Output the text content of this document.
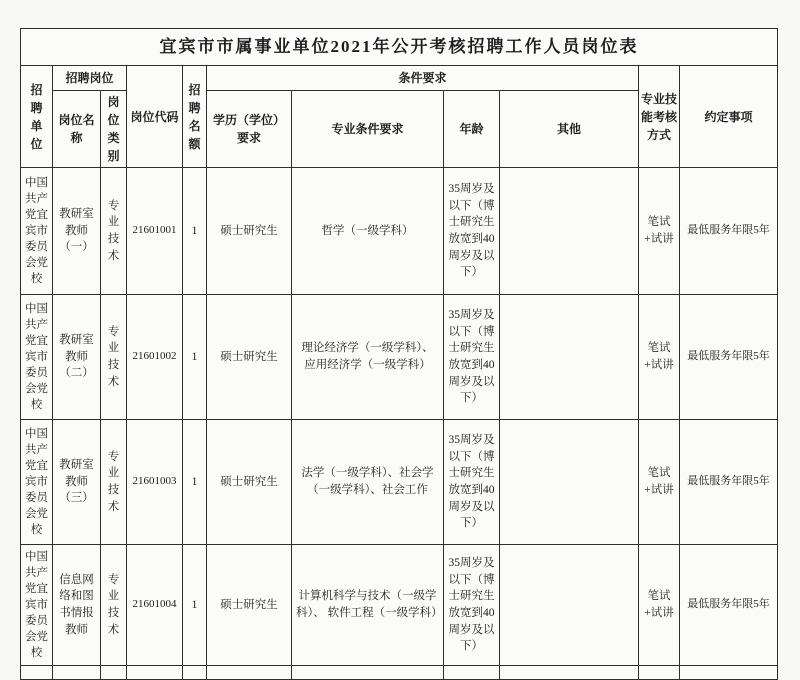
宜宾市市属事业单位2021年公开考核招聘工作人员岗位表										
招聘单位	招聘岗位		岗位代码	招聘名额	条件要求				专业技能考核方式	约定事项
	岗位名称	岗位类别			学历（学位）要求	专业条件要求	年龄	其他		
中国共产党宜宾市委员会党校	教研室教师（一）	专业技术	21601001	1	硕士研究生	哲学（一级学科）	35周岁及以下（博士研究生放宽到40周岁及以下）		笔试+试讲	最低服务年限5年
中国共产党宜宾市委员会党校	教研室教师（二）	专业技术	21601002	1	硕士研究生	理论经济学（一级学科）、应用经济学（一级学科）	35周岁及以下（博士研究生放宽到40周岁及以下）		笔试+试讲	最低服务年限5年
中国共产党宜宾市委员会党校	教研室教师（三）	专业技术	21601003	1	硕士研究生	法学（一级学科）、社会学（一级学科）、社会工作	35周岁及以下（博士研究生放宽到40周岁及以下）		笔试+试讲	最低服务年限5年
中国共产党宜宾市委员会党校	信息网络和图书情报教师	专业技术	21601004	1	硕士研究生	计算机科学与技术（一级学科）、 软件工程（一级学科）	35周岁及以下（博士研究生放宽到40周岁及以下）		笔试+试讲	最低服务年限5年
